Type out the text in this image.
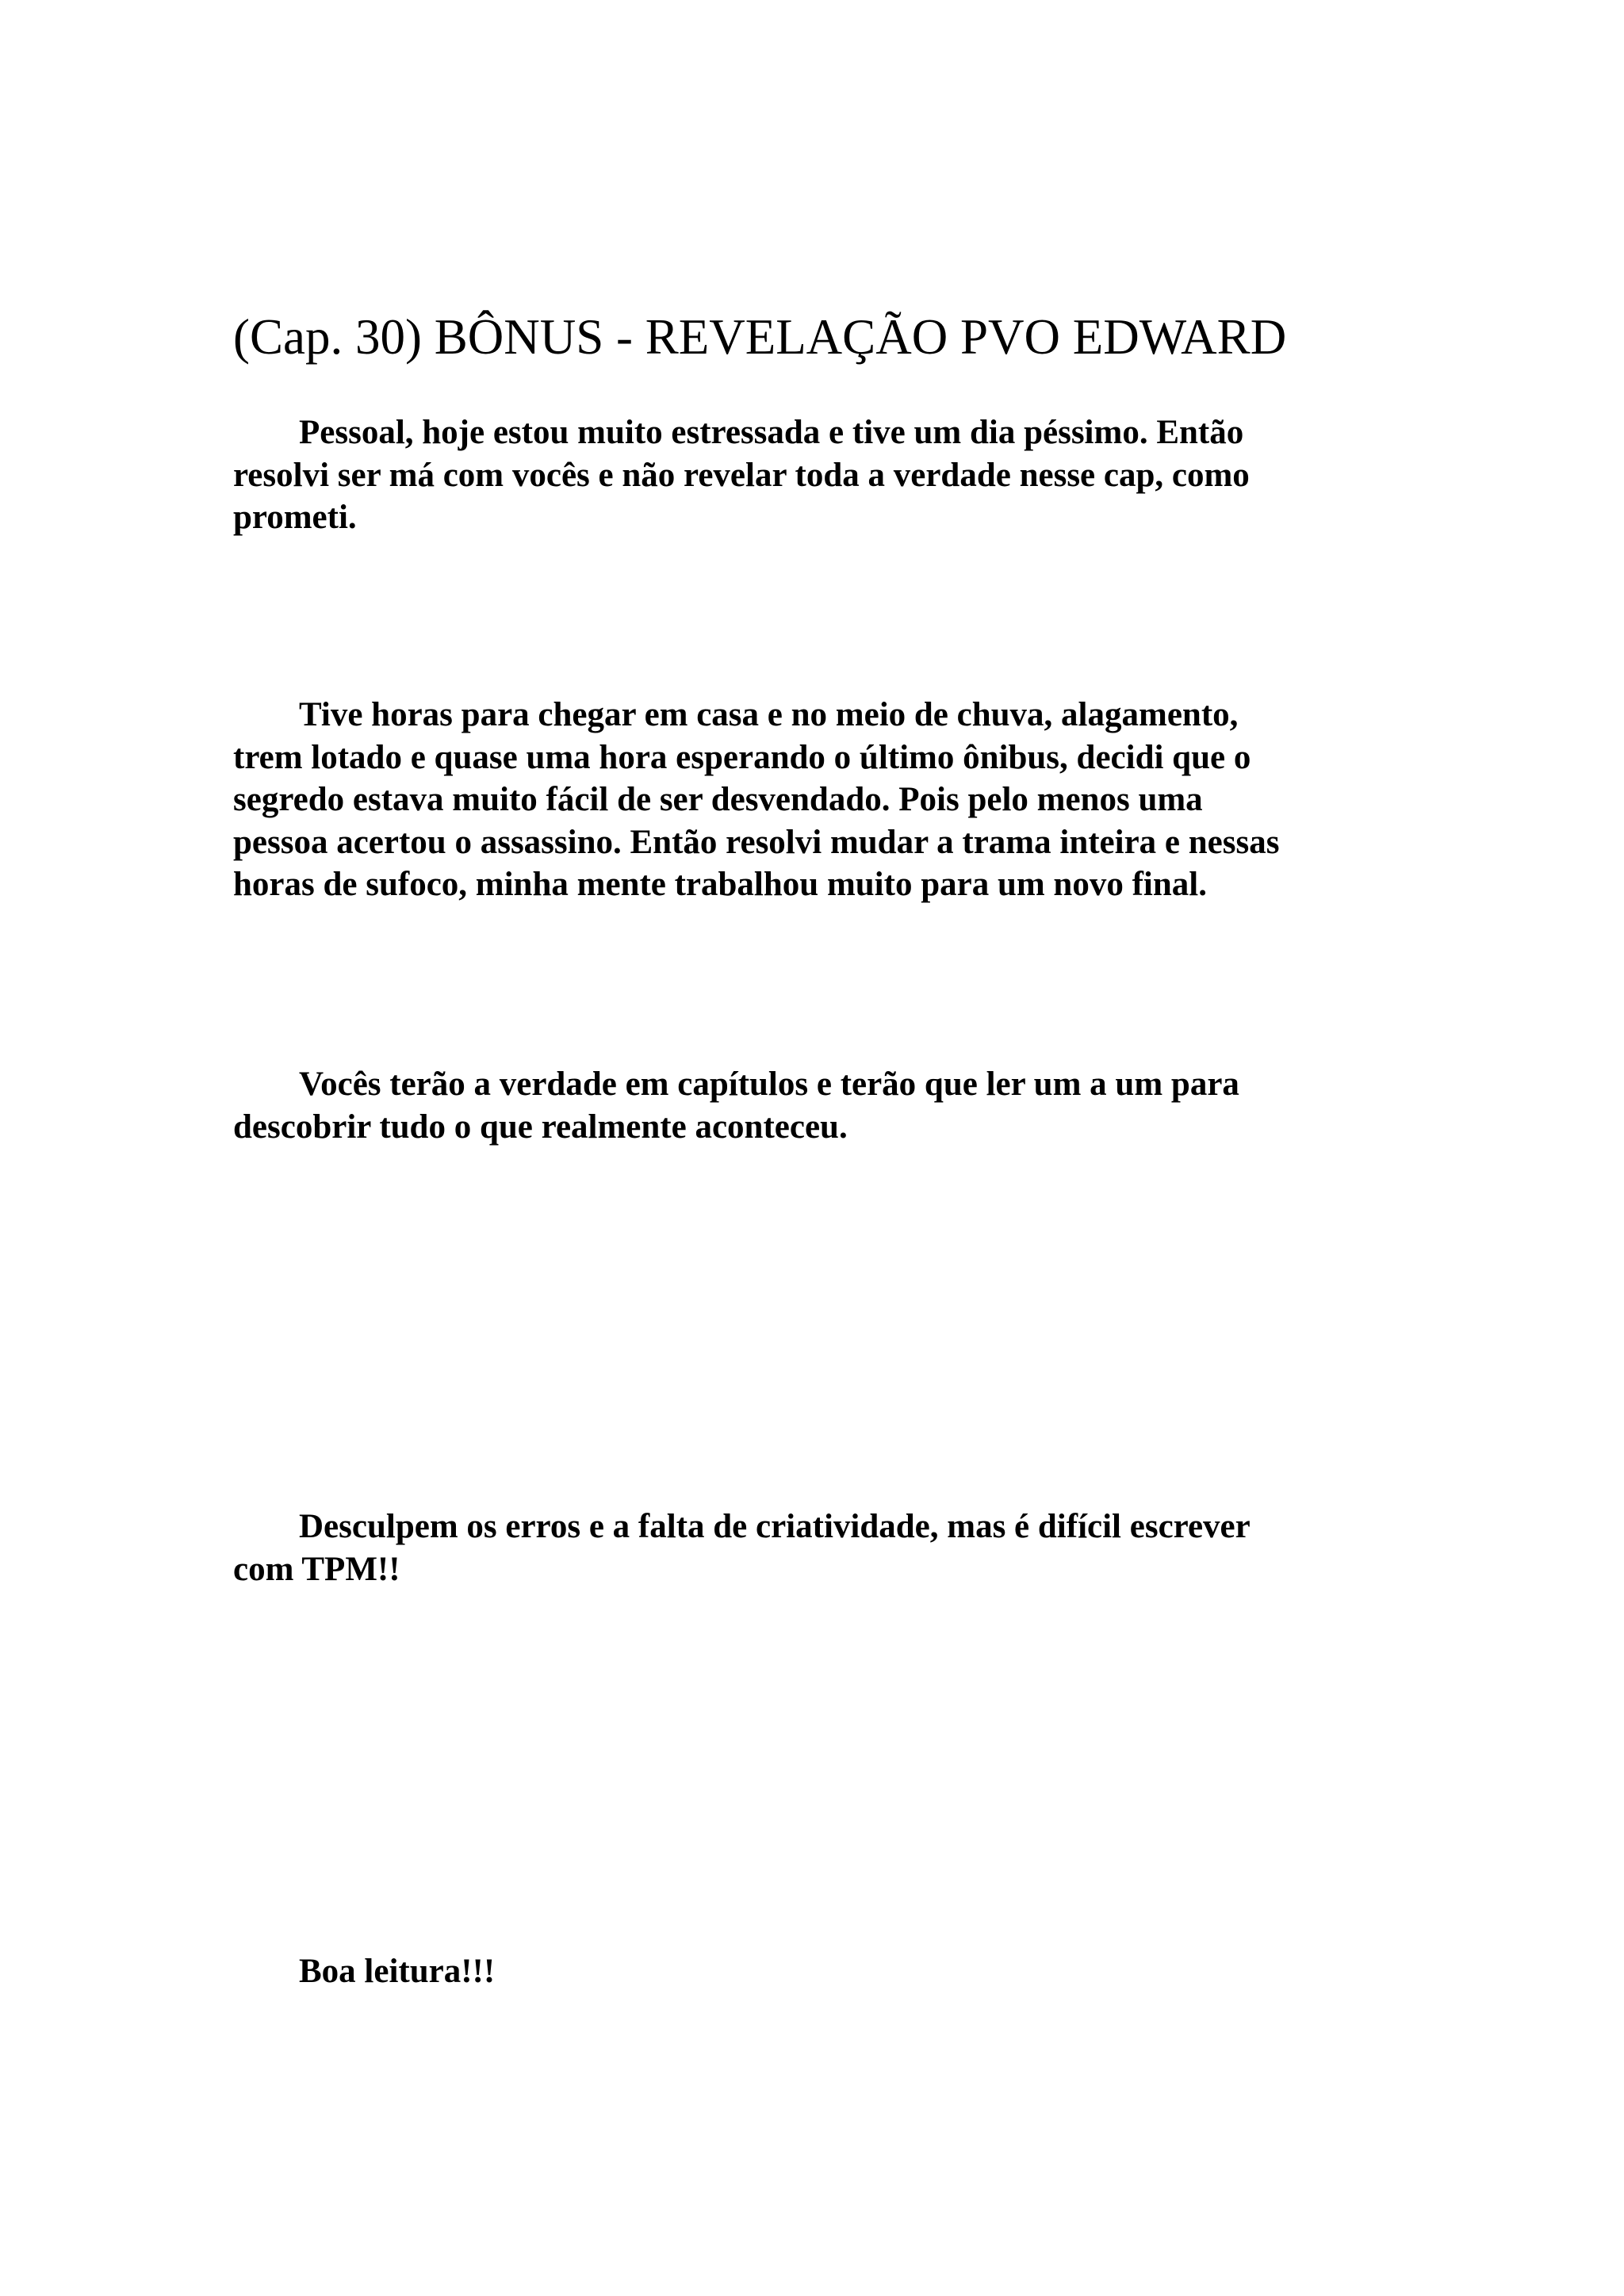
(Cap. 30) BÔNUS - REVELAÇÃO PVO EDWARD

Pessoal, hoje estou muito estressada e tive um dia péssimo. Então
resolvi ser má com vocês e não revelar toda a verdade nesse cap, como
prometi.

Tive horas para chegar em casa e no meio de chuva, alagamento,
trem lotado e quase uma hora esperando o último ônibus, decidi que o
segredo estava muito fácil de ser desvendado. Pois pelo menos uma
pessoa acertou o assassino. Então resolvi mudar a trama inteira e nessas
horas de sufoco, minha mente trabalhou muito para um novo final.

Vocês terão a verdade em capítulos e terão que ler um a um para
descobrir tudo o que realmente aconteceu.

Desculpem os erros e a falta de criatividade, mas é difícil escrever
com TPM!!

Boa leitura!!!
